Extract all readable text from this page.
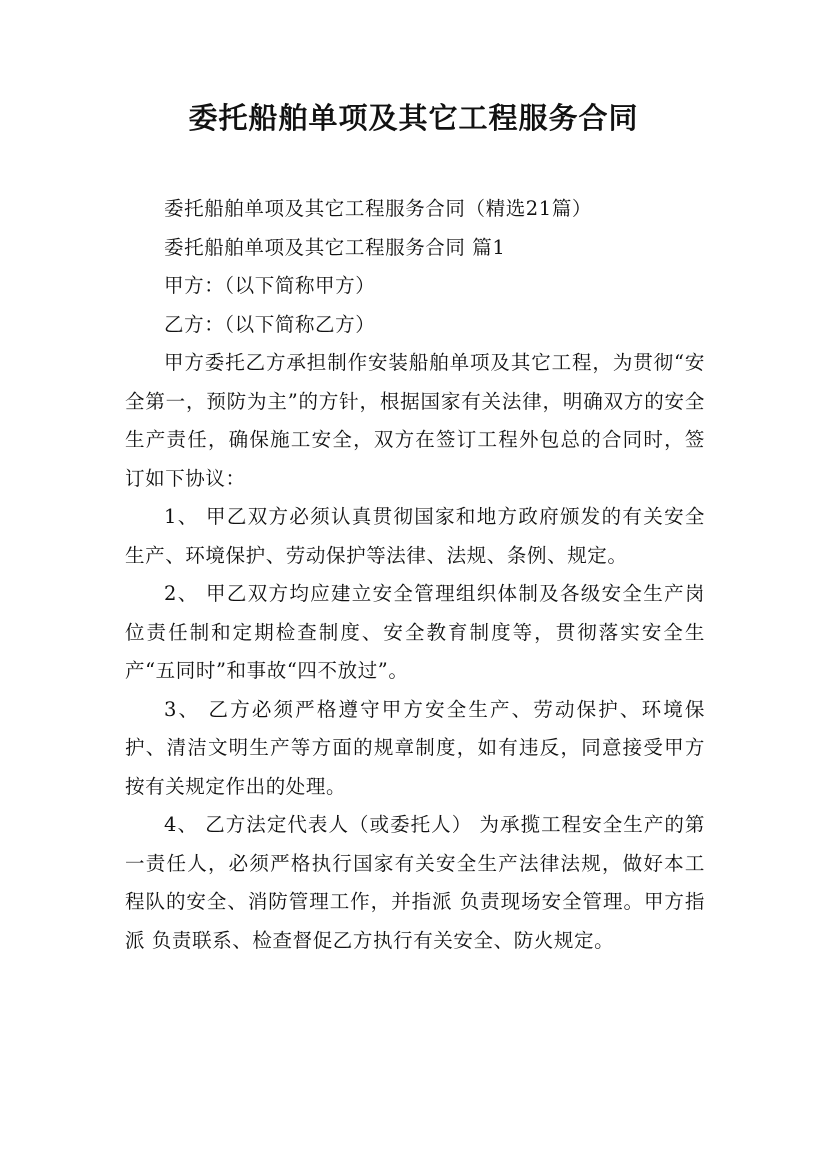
委托船舶单项及其它工程服务合同

委托船舶单项及其它工程服务合同（精选21篇）

委托船舶单项及其它工程服务合同 篇1

甲方：（以下简称甲方）

乙方：（以下简称乙方）

甲方委托乙方承担制作安装船舶单项及其它工程，为贯彻“安全第一，预防为主”的方针，根据国家有关法律，明确双方的安全生产责任，确保施工安全，双方在签订工程外包总的合同时，签订如下协议：

1、 甲乙双方必须认真贯彻国家和地方政府颁发的有关安全生产、环境保护、劳动保护等法律、法规、条例、规定。

2、 甲乙双方均应建立安全管理组织体制及各级安全生产岗位责任制和定期检查制度、安全教育制度等，贯彻落实安全生产“五同时”和事故“四不放过”。

3、 乙方必须严格遵守甲方安全生产、劳动保护、环境保护、清洁文明生产等方面的规章制度，如有违反，同意接受甲方按有关规定作出的处理。

4、 乙方法定代表人（或委托人） 为承揽工程安全生产的第一责任人，必须严格执行国家有关安全生产法律法规，做好本工程队的安全、消防管理工作，并指派 负责现场安全管理。甲方指派 负责联系、检查督促乙方执行有关安全、防火规定。
